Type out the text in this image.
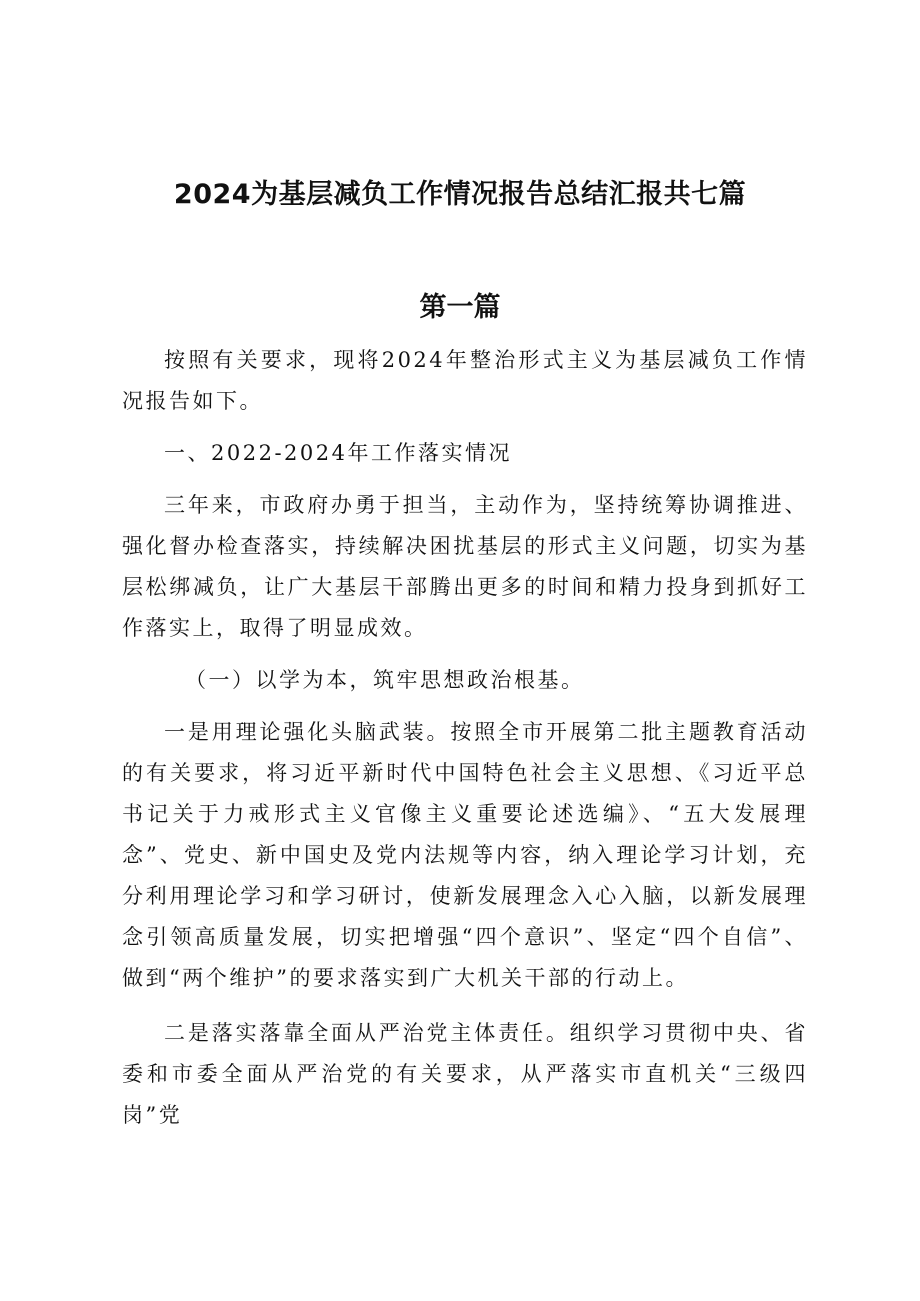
2024为基层减负工作情况报告总结汇报共七篇
第一篇

按照有关要求，现将2024年整治形式主义为基层减负工作情况报告如下。

一、2022-2024年工作落实情况

三年来，市政府办勇于担当，主动作为，坚持统筹协调推进、强化督办检查落实，持续解决困扰基层的形式主义问题，切实为基层松绑减负，让广大基层干部腾出更多的时间和精力投身到抓好工作落实上，取得了明显成效。

（一）以学为本，筑牢思想政治根基。

一是用理论强化头脑武装。按照全市开展第二批主题教育活动的有关要求，将习近平新时代中国特色社会主义思想、《习近平总书记关于力戒形式主义官像主义重要论述选编》、“五大发展理念”、党史、新中国史及党内法规等内容，纳入理论学习计划，充分利用理论学习和学习研讨，使新发展理念入心入脑，以新发展理念引领高质量发展，切实把增强“四个意识”、坚定“四个自信”、做到“两个维护”的要求落实到广大机关干部的行动上。

二是落实落靠全面从严治党主体责任。组织学习贯彻中央、省委和市委全面从严治党的有关要求，从严落实市直机关“三级四岗”党
